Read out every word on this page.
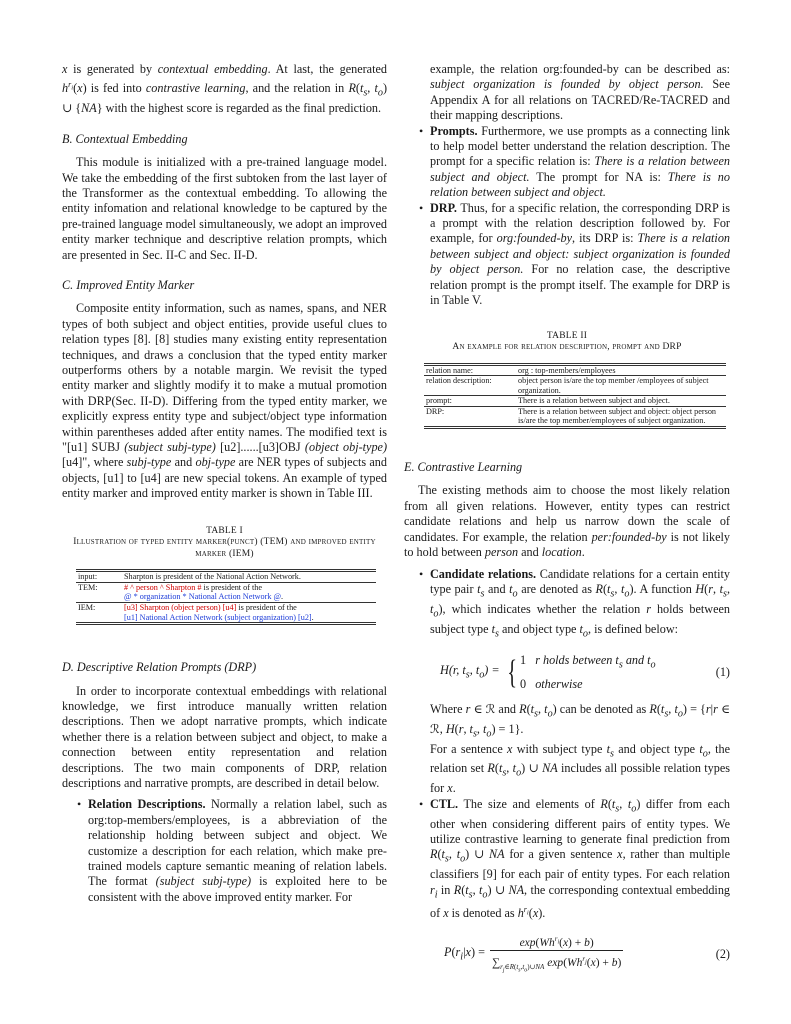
x is generated by contextual embedding. At last, the generated $h^{r_i}(x)$ is fed into contrastive learning, and the relation in $R(t_s$, $t_o$) ∪ {NA} with the highest score is regarded as the final prediction.

B. Contextual Embedding

This module is initialized with a pre-trained language model. We take the embedding of the first subtoken from the last layer of the Transformer as the contextual embedding. To allowing the entity infomation and relational knowledge to be captured by the pre-trained language model simultaneously, we adopt an improved entity marker technique and descriptive relation prompts, which are presented in Sec. II-C and Sec. II-D.

C. Improved Entity Marker

Composite entity information, such as names, spans, and NER types of both subject and object entities, provide useful clues to relation types [8]. [8] studies many existing entity representation techniques, and draws a conclusion that the typed entity marker outperforms others by a notable margin. We revisit the typed entity marker and slightly modify it to make a mutual promotion with DRP(Sec. II-D). Differing from the typed entity marker, we explicitly express entity type and subject/object type information within parentheses added after entity names. The modified text is "[u1] SUBJ (subject subj-type) [u2]......[u3]OBJ (object obj-type)[u4]", where subj-type and obj-type are NER types of subjects and objects, [u1] to [u4] are new special tokens. An example of typed entity marker and improved entity marker is shown in Table III.

TABLE I
Illustration of typed entity marker(punct) (TEM) and improved entity marker (IEM)
input:	Sharpton is president of the National Action Network.
TEM:	# ^ person ^ Sharpton # is president of the
@ * organization * National Action Network @.
IEM:	[u3] Sharpton (object person) [u4] is president of the
[u1] National Action Network (subject organization) [u2].
D. Descriptive Relation Prompts (DRP)

In order to incorporate contextual embeddings with relational knowledge, we first introduce manually written relation descriptions. Then we adopt narrative prompts, which indicate whether there is a relation between subject and object, to make a connection between entity representation and relation descriptions. The two main components of DRP, relation descriptions and narrative prompts, are described in detail below.

• Relation Descriptions. Normally a relation label, such as org:top-members/employees, is a abbreviation of the relationship holding between subject and object. We customize a description for each relation, which make pre-trained models capture semantic meaning of relation labels. The format (subject subj-type) is exploited here to be consistent with the above improved entity marker. For
example, the relation org:founded-by can be described as: subject organization is founded by object person. See Appendix A for all relations on TACRED/Re-TACRED and their mapping descriptions.
• Prompts. Furthermore, we use prompts as a connecting link to help model better understand the relation description. The prompt for a specific relation is: There is a relation between subject and object. The prompt for NA is: There is no relation between subject and object.
• DRP. Thus, for a specific relation, the corresponding DRP is a prompt with the relation description followed by. For example, for org:founded-by, its DRP is: There is a relation between subject and object: subject organization is founded by object person. For no relation case, the descriptive relation prompt is the prompt itself. The example for DRP is in Table V.
TABLE II
An example for relation description, prompt and DRP
relation name:	org : top-members/employees
relation description:	object person is/are the top member /employees of subject organization.
prompt:	There is a relation between subject and object.
DRP:	There is a relation between subject and object: object person is/are the top member/employees of subject organization.
E. Contrastive Learning

The existing methods aim to choose the most likely relation from all given relations. However, entity types can restrict candidate relations and help us narrow down the scale of candidates. For example, the relation per:founded-by is not likely to hold between person and location.

• Candidate relations. Candidate relations for a certain entity type pair $t_s$ and $t_o$ are denoted as $R(t_s$, $t_o$). A function H(r, $t_s$, $t_o$), which indicates whether the relation r holds between subject type $t_s$ and object type $t_o$, is defined below:
H(r, $t_s$, $t_o$) = { 1   r holds between $t_s$ and $t_o$
0   otherwise
(1)

Where r ∈ ℛ and $R(t_s$, $t_o$) can be denoted as $R(t_s$, $t_o) = \{r|r$ ∈ ℛ, H(r, $t_s$, $t_o) = 1$}.

For a sentence x with subject type $t_s$ and object type $t_o$, the relation set $R(t_s$, $t_o$) ∪ NA includes all possible relation types for x.

• CTL. The size and elements of $R(t_s$, $t_o$) differ from each other when considering different pairs of entity types. We utilize contrastive learning to generate final prediction from $R(t_s$, $t_o$) ∪ NA for a given sentence x, rather than multiple classifiers [9] for each pair of entity types. For each relation $r_i$ in $R(t_s$, $t_o$) ∪ NA, the corresponding contextual embedding of x is denoted as $h^{r_i}(x)$.
$P(r_i|x)$ =
$\exp(Wh^{r_i}(x) + b)$
$\sum_{r_j\in R(t_s,t_o)\cup NA}$ $\exp(Wh^{r_j}(x) + b)$
(2)
